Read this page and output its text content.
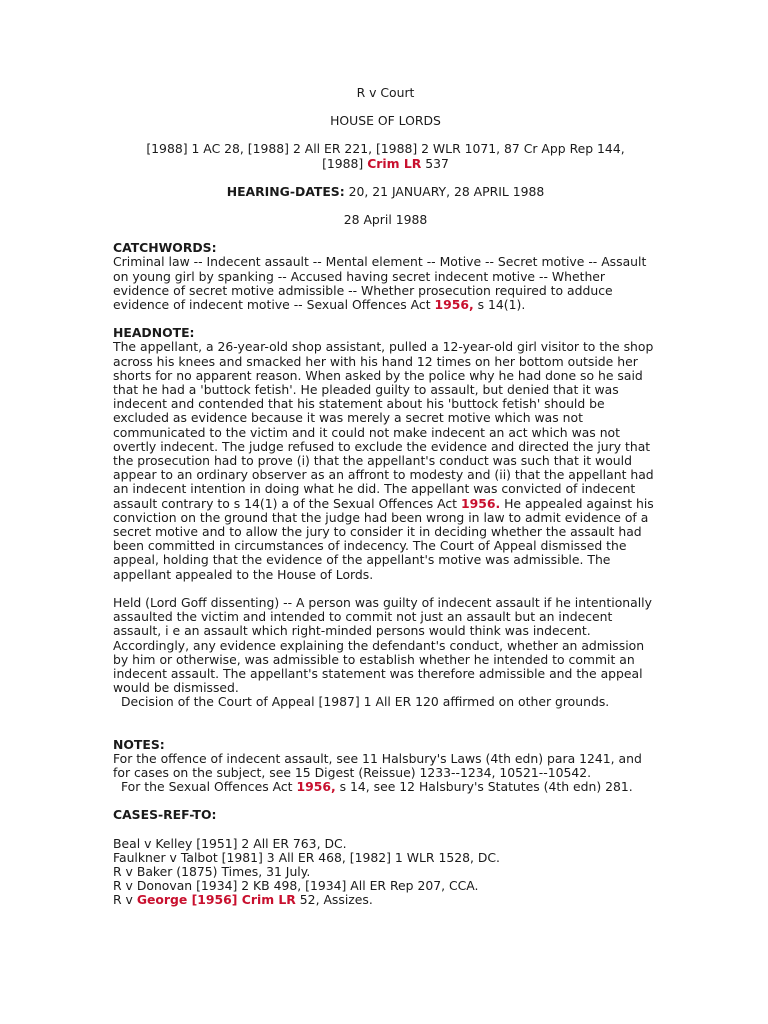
R v Court

HOUSE OF LORDS

[1988] 1 AC 28, [1988] 2 All ER 221, [1988] 2 WLR 1071, 87 Cr App Rep 144,
[1988] Crim LR 537

HEARING-DATES: 20, 21 JANUARY, 28 APRIL 1988

28 April 1988

CATCHWORDS:
Criminal law -- Indecent assault -- Mental element -- Motive -- Secret motive -- Assault on young girl by spanking -- Accused having secret indecent motive -- Whether evidence of secret motive admissible -- Whether prosecution required to adduce evidence of indecent motive -- Sexual Offences Act 1956, s 14(1).
HEADNOTE:
The appellant, a 26-year-old shop assistant, pulled a 12-year-old girl visitor to the shop across his knees and smacked her with his hand 12 times on her bottom outside her shorts for no apparent reason. When asked by the police why he had done so he said that he had a 'buttock fetish'. He pleaded guilty to assault, but denied that it was indecent and contended that his statement about his 'buttock fetish' should be excluded as evidence because it was merely a secret motive which was not communicated to the victim and it could not make indecent an act which was not overtly indecent. The judge refused to exclude the evidence and directed the jury that the prosecution had to prove (i) that the appellant's conduct was such that it would appear to an ordinary observer as an affront to modesty and (ii) that the appellant had an indecent intention in doing what he did. The appellant was convicted of indecent assault contrary to s 14(1) a of the Sexual Offences Act 1956. He appealed against his conviction on the ground that the judge had been wrong in law to admit evidence of a secret motive and to allow the jury to consider it in deciding whether the assault had been committed in circumstances of indecency. The Court of Appeal dismissed the appeal, holding that the evidence of the appellant's motive was admissible. The appellant appealed to the House of Lords.
Held (Lord Goff dissenting) -- A person was guilty of indecent assault if he intentionally assaulted the victim and intended to commit not just an assault but an indecent assault, i e an assault which right-minded persons would think was indecent. Accordingly, any evidence explaining the defendant's conduct, whether an admission by him or otherwise, was admissible to establish whether he intended to commit an indecent assault. The appellant's statement was therefore admissible and the appeal would be dismissed.
Decision of the Court of Appeal [1987] 1 All ER 120 affirmed on other grounds.
NOTES:
For the offence of indecent assault, see 11 Halsbury's Laws (4th edn) para 1241, and for cases on the subject, see 15 Digest (Reissue) 1233--1234, 10521--10542.
For the Sexual Offences Act 1956, s 14, see 12 Halsbury's Statutes (4th edn) 281.
CASES-REF-TO:
Beal v Kelley [1951] 2 All ER 763, DC.
Faulkner v Talbot [1981] 3 All ER 468, [1982] 1 WLR 1528, DC.
R v Baker (1875) Times, 31 July.
R v Donovan [1934] 2 KB 498, [1934] All ER Rep 207, CCA.
R v George [1956] Crim LR 52, Assizes.
